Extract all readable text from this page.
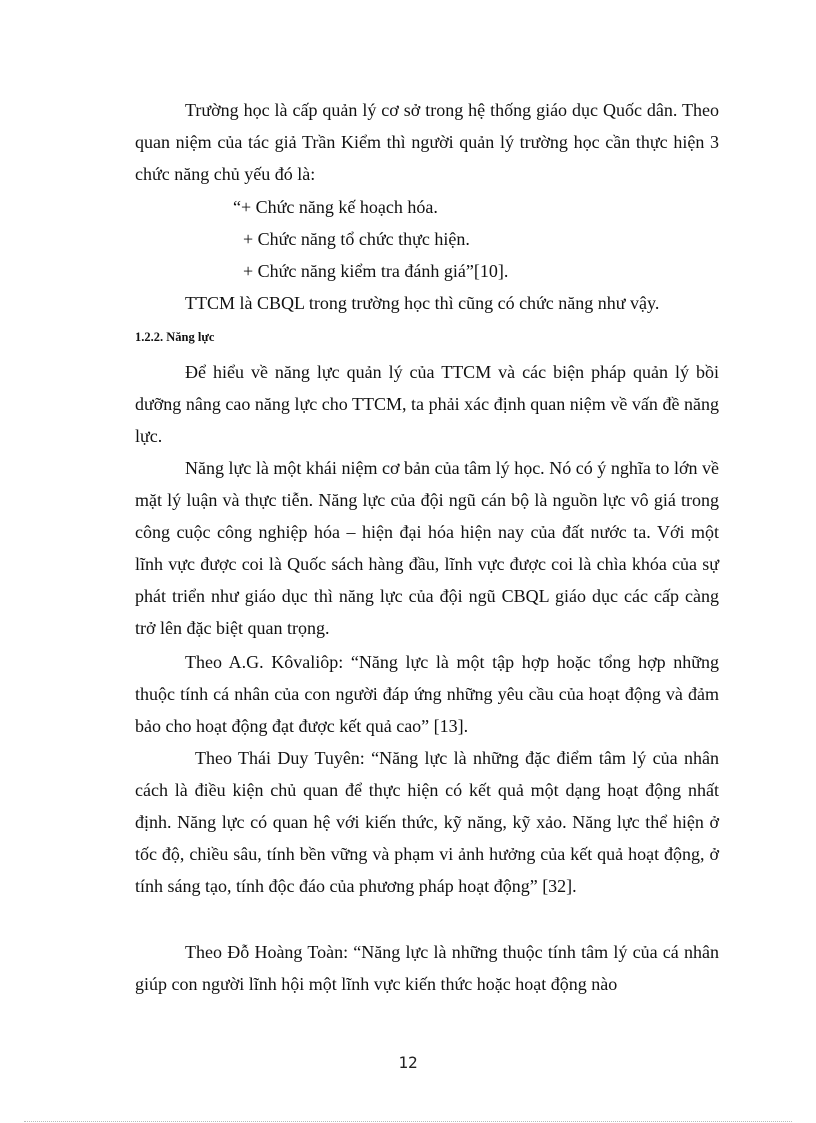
Trường học là cấp quản lý cơ sở trong hệ thống giáo dục Quốc dân. Theo quan niệm của tác giả Trần Kiểm thì người quản lý trường học cần thực hiện 3 chức năng chủ yếu đó là:

“+ Chức năng kế hoạch hóa.

+ Chức năng tổ chức thực hiện.

+ Chức năng kiểm tra đánh giá”[10].

TTCM là CBQL trong trường học thì cũng có chức năng như vậy.

1.2.2. Năng lực

Để hiểu về năng lực quản lý của TTCM và các biện pháp quản lý bồi dưỡng nâng cao năng lực cho TTCM, ta phải xác định quan niệm về vấn đề năng lực.

Năng lực là một khái niệm cơ bản của tâm lý học. Nó có ý nghĩa to lớn về mặt lý luận và thực tiễn. Năng lực của đội ngũ cán bộ là nguồn lực vô giá trong công cuộc công nghiệp hóa – hiện đại hóa hiện nay của đất nước ta. Với một lĩnh vực được coi là Quốc sách hàng đầu, lĩnh vực được coi là chìa khóa của sự phát triển như giáo dục thì năng lực của đội ngũ CBQL giáo dục các cấp càng trở lên đặc biệt quan trọng.

Theo A.G. Kôvaliôp: “Năng lực là một tập hợp hoặc tổng hợp những thuộc tính cá nhân của con người đáp ứng những yêu cầu của hoạt động và đảm bảo cho hoạt động đạt được kết quả cao” [13].

Theo Thái Duy Tuyên: “Năng lực là những đặc điểm tâm lý của nhân cách là điều kiện chủ quan để thực hiện có kết quả một dạng hoạt động nhất định. Năng lực có quan hệ với kiến thức, kỹ năng, kỹ xảo. Năng lực thể hiện ở tốc độ, chiều sâu, tính bền vững và phạm vi ảnh hưởng của kết quả hoạt động, ở tính sáng tạo, tính độc đáo của phương pháp hoạt động” [32].

Theo Đỗ Hoàng Toàn: “Năng lực là những thuộc tính tâm lý của cá nhân giúp con người lĩnh hội một lĩnh vực kiến thức hoặc hoạt động nào

12
